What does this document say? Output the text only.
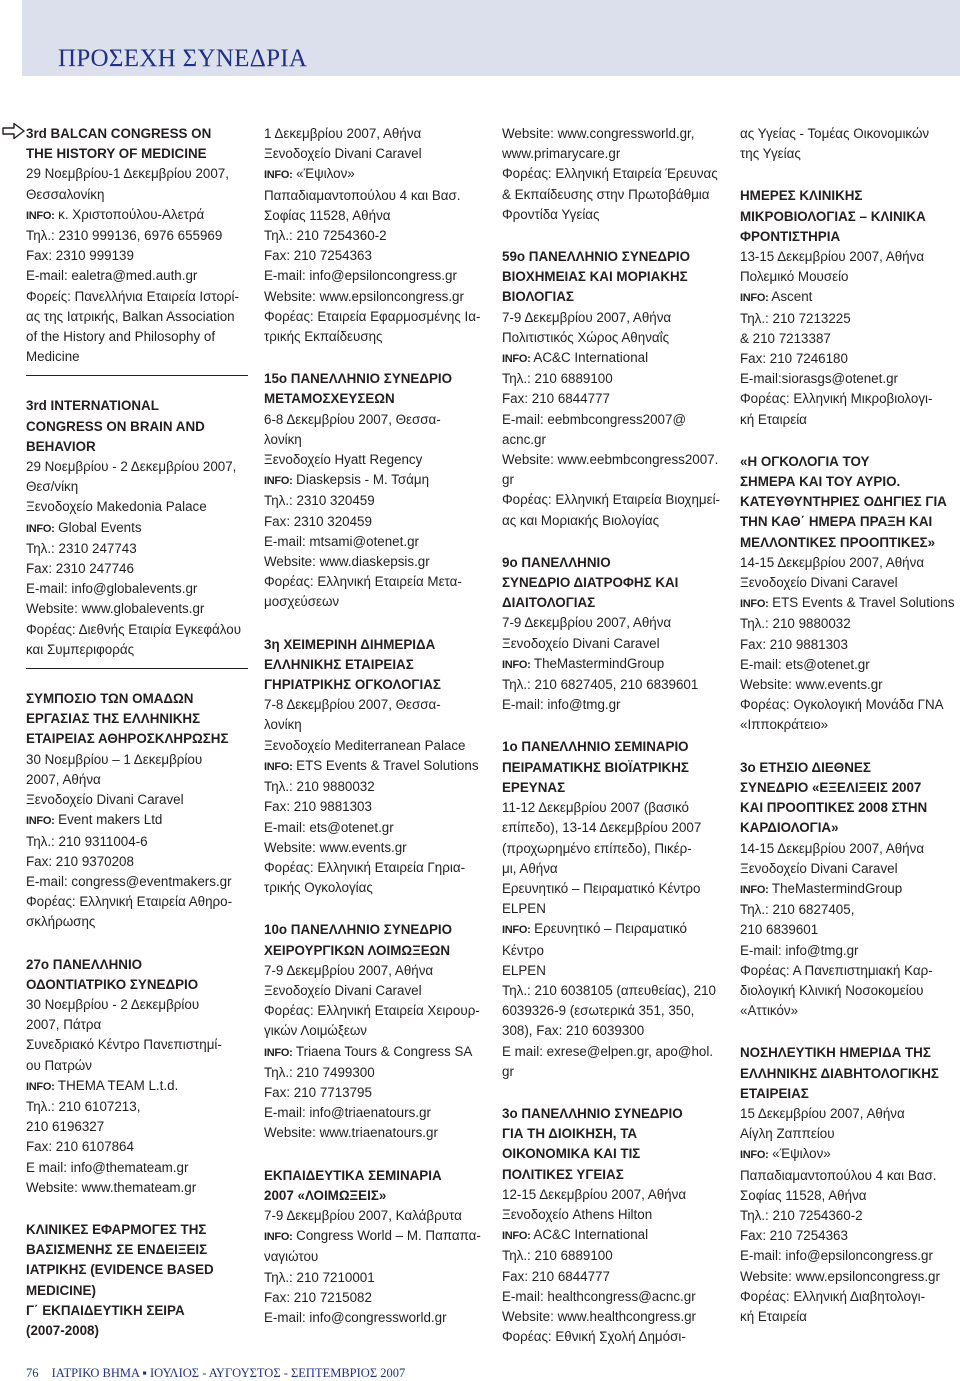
ΠΡΟΣΕΧΗ ΣΥΝΕΔΡΙΑ
3rd BALCAN CONGRESS ON
THE HISTORY OF MEDICINE
29 Νοεμβρίου-1 Δεκεμβρίου 2007,
Θεσσαλονίκη
INFO: κ. Χριστοπούλου-Αλετρά
Τηλ.: 2310 999136, 6976 655969
Fax: 2310 999139
E-mail: ealetra@med.auth.gr
Φορείς: Πανελλήνια Εταιρεία Ιστορί-
ας της Ιατρικής, Balkan Association
of the History and Philosophy of
Medicine
3rd INTERNATIONAL
CONGRESS ON BRAIN AND
BEHAVIOR
29 Νοεμβρίου - 2 Δεκεμβρίου 2007,
Θεσ/νίκη
Ξενοδοχείο Makedonia Palace
INFO: Global Events
Τηλ.: 2310 247743
Fax: 2310 247746
E-mail: info@globalevents.gr
Website: www.globalevents.gr
Φορέας: Διεθνής Εταιρία Εγκεφάλου
και Συμπεριφοράς
ΣΥΜΠΟΣΙΟ ΤΩΝ ΟΜΑΔΩΝ
ΕΡΓΑΣΙΑΣ ΤΗΣ ΕΛΛΗΝΙΚΗΣ
ΕΤΑΙΡΕΙΑΣ ΑΘΗΡΟΣΚΛΗΡΩΣΗΣ
30 Νοεμβρίου – 1 Δεκεμβρίου
2007, Αθήνα
Ξενοδοχείο Divani Caravel
INFO: Event makers Ltd
Τηλ.: 210 9311004-6
Fax: 210 9370208
E-mail: congress@eventmakers.gr
Φορέας: Ελληνική Εταιρεία Αθηρο-
σκλήρωσης
27ο ΠΑΝΕΛΛΗΝΙΟ
ΟΔΟΝΤΙΑΤΡΙΚΟ ΣΥΝΕΔΡΙΟ
30 Νοεμβρίου - 2 Δεκεμβρίου
2007, Πάτρα
Συνεδριακό Κέντρο Πανεπιστημί-
ου Πατρών
INFO: THEMA TEAM L.t.d.
Τηλ.: 210 6107213,
210 6196327
Fax: 210 6107864
E mail: info@themateam.gr
Website: www.themateam.gr
ΚΛΙΝΙΚΕΣ ΕΦΑΡΜΟΓΕΣ ΤΗΣ
ΒΑΣΙΣΜΕΝΗΣ ΣΕ ΕΝΔΕΙΞΕΙΣ
ΙΑΤΡΙΚΗΣ (EVIDENCE BASED
MEDICINE)
Γ΄ ΕΚΠΑΙΔΕΥΤΙΚΗ ΣΕΙΡΑ
(2007-2008)
1 Δεκεμβρίου 2007, Αθήνα
Ξενοδοχείο Divani Caravel
INFO: «Έψιλον»
Παπαδιαμαντοπούλου 4 και Βασ.
Σοφίας 11528, Αθήνα
Τηλ.: 210 7254360-2
Fax: 210 7254363
E-mail: info@epsiloncongress.gr
Website: www.epsiloncongress.gr
Φορέας: Εταιρεία Εφαρμοσμένης Ια-
τρικής Εκπαίδευσης
15ο ΠΑΝΕΛΛΗΝΙΟ ΣΥΝΕΔΡΙΟ
ΜΕΤΑΜΟΣΧΕΥΣΕΩΝ
6-8 Δεκεμβρίου 2007, Θεσσα-
λονίκη
Ξενοδοχείο Hyatt Regency
INFO: Diaskepsis - Μ. Τσάμη
Τηλ.: 2310 320459
Fax: 2310 320459
E-mail: mtsami@otenet.gr
Website: www.diaskepsis.gr
Φορέας: Ελληνική Εταιρεία Μετα-
μοσχεύσεων
3η ΧΕΙΜΕΡΙΝΗ ΔΙΗΜΕΡΙΔΑ
ΕΛΛΗΝΙΚΗΣ ΕΤΑΙΡΕΙΑΣ
ΓΗΡΙΑΤΡΙΚΗΣ ΟΓΚΟΛΟΓΙΑΣ
7-8 Δεκεμβρίου 2007, Θεσσα-
λονίκη
Ξενοδοχείο Mediterranean Palace
INFO: ETS Events & Travel Solutions
Τηλ.: 210 9880032
Fax: 210 9881303
E-mail: ets@otenet.gr
Website: www.events.gr
Φορέας: Ελληνική Εταιρεία Γηρια-
τρικής Ογκολογίας
10ο ΠΑΝΕΛΛΗΝΙΟ ΣΥΝΕΔΡΙΟ
ΧΕΙΡΟΥΡΓΙΚΩΝ ΛΟΙΜΩΞΕΩΝ
7-9 Δεκεμβρίου 2007, Αθήνα
Ξενοδοχείο Divani Caravel
Φορέας: Ελληνική Εταιρεία Χειρουρ-
γικών Λοιμώξεων
INFO: Triaena Tours & Congress SA
Τηλ.: 210 7499300
Fax: 210 7713795
E-mail: info@triaenatours.gr
Website: www.triaenatours.gr
ΕΚΠΑΙΔΕΥΤΙΚΑ ΣΕΜΙΝΑΡΙΑ
2007 «ΛΟΙΜΩΞΕΙΣ»
7-9 Δεκεμβρίου 2007, Καλάβρυτα
INFO: Congress World – Μ. Παπαπα-
ναγιώτου
Τηλ.: 210 7210001
Fax: 210 7215082
E-mail: info@congressworld.gr
Website: www.congressworld.gr,
www.primarycare.gr
Φορέας: Ελληνική Εταιρεία Έρευνας
& Εκπαίδευσης στην Πρωτοβάθμια
Φροντίδα Υγείας
59ο ΠΑΝΕΛΛΗΝΙΟ ΣΥΝΕΔΡΙΟ
ΒΙΟΧΗΜΕΙΑΣ ΚΑΙ ΜΟΡΙΑΚΗΣ
ΒΙΟΛΟΓΙΑΣ
7-9 Δεκεμβρίου 2007, Αθήνα
Πολιτιστικός Χώρος Αθηναΐς
INFO: AC&C International
Τηλ.: 210 6889100
Fax: 210 6844777
E-mail: eebmbcongress2007@
acnc.gr
Website: www.eebmbcongress2007.
gr
Φορέας: Ελληνική Εταιρεία Βιοχημεί-
ας και Μοριακής Βιολογίας
9ο ΠΑΝΕΛΛΗΝΙΟ
ΣΥΝΕΔΡΙΟ ΔΙΑΤΡΟΦΗΣ ΚΑΙ
ΔΙΑΙΤΟΛΟΓΙΑΣ
7-9 Δεκεμβρίου 2007, Αθήνα
Ξενοδοχείο Divani Caravel
INFO: TheMastermindGroup
Τηλ.: 210 6827405, 210 6839601
E-mail: info@tmg.gr
1ο ΠΑΝΕΛΛΗΝΙΟ ΣΕΜΙΝΑΡΙΟ
ΠΕΙΡΑΜΑΤΙΚΗΣ ΒΙΟΪΑΤΡΙΚΗΣ
ΕΡΕΥΝΑΣ
11-12 Δεκεμβρίου 2007 (βασικό
επίπεδο), 13-14 Δεκεμβρίου 2007
(προχωρημένο επίπεδο), Πικέρ-
μι, Αθήνα
Ερευνητικό – Πειραματικό Κέντρο
ELPEN
INFO: Ερευνητικό – Πειραματικό Κέντρο
ELPEN
Τηλ.: 210 6038105 (απευθείας), 210
6039326-9 (εσωτερικά 351, 350,
308), Fax: 210 6039300
E mail: exrese@elpen.gr, apo@hol.
gr
3ο ΠΑΝΕΛΛΗΝΙΟ ΣΥΝΕΔΡΙΟ
ΓΙΑ ΤΗ ΔΙΟΙΚΗΣΗ, ΤΑ
ΟΙΚΟΝΟΜΙΚΑ ΚΑΙ ΤΙΣ
ΠΟΛΙΤΙΚΕΣ ΥΓΕΙΑΣ
12-15 Δεκεμβρίου 2007, Αθήνα
Ξενοδοχείο Athens Hilton
INFO: AC&C International
Τηλ.: 210 6889100
Fax: 210 6844777
E-mail: healthcongress@acnc.gr
Website: www.healthcongress.gr
Φορέας: Εθνική Σχολή Δημόσι-
ας Υγείας - Τομέας Οικονομικών
της Υγείας
ΗΜΕΡΕΣ ΚΛΙΝΙΚΗΣ
ΜΙΚΡΟΒΙΟΛΟΓΙΑΣ – ΚΛΙΝΙΚΑ
ΦΡΟΝΤΙΣΤΗΡΙΑ
13-15 Δεκεμβρίου 2007, Αθήνα
Πολεμικό Μουσείο
INFO: Ascent
Τηλ.: 210 7213225
& 210 7213387
Fax: 210 7246180
E-mail:siorasgs@otenet.gr
Φορέας: Ελληνική Μικροβιολογι-
κή Εταιρεία
«Η ΟΓΚΟΛΟΓΙΑ ΤΟΥ
ΣΗΜΕΡΑ ΚΑΙ ΤΟΥ ΑΥΡΙΟ.
ΚΑΤΕΥΘΥΝΤΗΡΙΕΣ ΟΔΗΓΙΕΣ ΓΙΑ
ΤΗΝ ΚΑΘ΄ ΗΜΕΡΑ ΠΡΑΞΗ ΚΑΙ
ΜΕΛΛΟΝΤΙΚΕΣ ΠΡΟΟΠΤΙΚΕΣ»
14-15 Δεκεμβρίου 2007, Αθήνα
Ξενοδοχείο Divani Caravel
INFO: ETS Events & Travel Solutions
Τηλ.: 210 9880032
Fax: 210 9881303
E-mail: ets@otenet.gr
Website: www.events.gr
Φορέας: Ογκολογική Μονάδα ΓΝΑ
«Ιπποκράτειο»
3ο ΕΤΗΣΙΟ ΔΙΕΘΝΕΣ
ΣΥΝΕΔΡΙΟ «ΕΞΕΛΙΞΕΙΣ 2007
ΚΑΙ ΠΡΟΟΠΤΙΚΕΣ 2008 ΣΤΗΝ
ΚΑΡΔΙΟΛΟΓΙΑ»
14-15 Δεκεμβρίου 2007, Αθήνα
Ξενοδοχείο Divani Caravel
INFO: TheMastermindGroup
Τηλ.: 210 6827405,
210 6839601
E-mail: info@tmg.gr
Φορέας: Α Πανεπιστημιακή Καρ-
διολογική Κλινική Νοσοκομείου
«Αττικόν»
ΝΟΣΗΛΕΥΤΙΚΗ ΗΜΕΡΙΔΑ ΤΗΣ
ΕΛΛΗΝΙΚΗΣ ΔΙΑΒΗΤΟΛΟΓΙΚΗΣ
ΕΤΑΙΡΕΙΑΣ
15 Δεκεμβρίου 2007, Αθήνα
Αίγλη Ζαππείου
INFO: «Έψιλον»
Παπαδιαμαντοπούλου 4 και Βασ.
Σοφίας 11528, Αθήνα
Τηλ.: 210 7254360-2
Fax: 210 7254363
E-mail: info@epsiloncongress.gr
Website: www.epsiloncongress.gr
Φορέας: Ελληνική Διαβητολογι-
κή Εταιρεία
76 ΙΑΤΡΙΚΟ ΒΗΜΑ ▪ ΙΟΥΛΙΟΣ - ΑΥΓΟΥΣΤΟΣ - ΣΕΠΤΕΜΒΡΙΟΣ 2007
